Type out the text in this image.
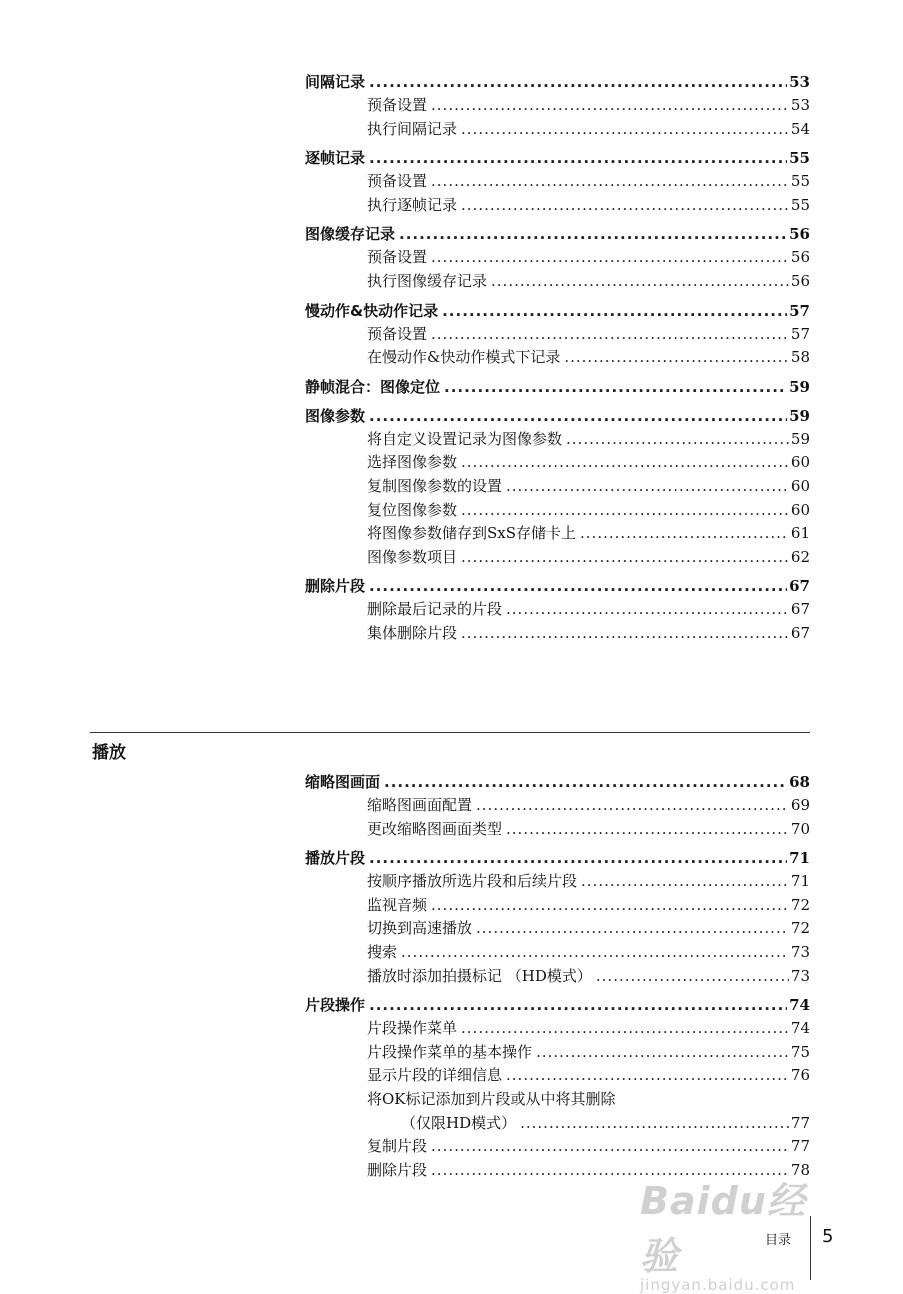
间隔记录 .....	53
预备设置 .....	53
执行间隔记录 .....	54
逐帧记录 .....	55
预备设置 .....	55
执行逐帧记录 .....	55
图像缓存记录 .....	56
预备设置 .....	56
执行图像缓存记录 .....	56
慢动作&快动作记录 .....	57
预备设置 .....	57
在慢动作&快动作模式下记录 .....	58
静帧混合：图像定位 .....	59
图像参数 .....	59
将自定义设置记录为图像参数 .....	59
选择图像参数 .....	60
复制图像参数的设置 .....	60
复位图像参数 .....	60
将图像参数储存到SxS存储卡上 .....	61
图像参数项目 .....	62
删除片段 .....	67
删除最后记录的片段 .....	67
集体删除片段 .....	67
播放
缩略图画面 .....	68
缩略图画面配置 .....	69
更改缩略图画面类型 .....	70
播放片段 .....	71
按顺序播放所选片段和后续片段 .....	71
监视音频 .....	72
切换到高速播放 .....	72
搜索 .....	73
播放时添加拍摄标记 （HD模式） .....	73
片段操作 .....	74
片段操作菜单 .....	74
片段操作菜单的基本操作 .....	75
显示片段的详细信息 .....	76
将OK标记添加到片段或从中将其删除
（仅限HD模式） .....	77
复制片段 .....	77
删除片段 .....	78
Baidu经验
jingyan.baidu.com
目录 5
